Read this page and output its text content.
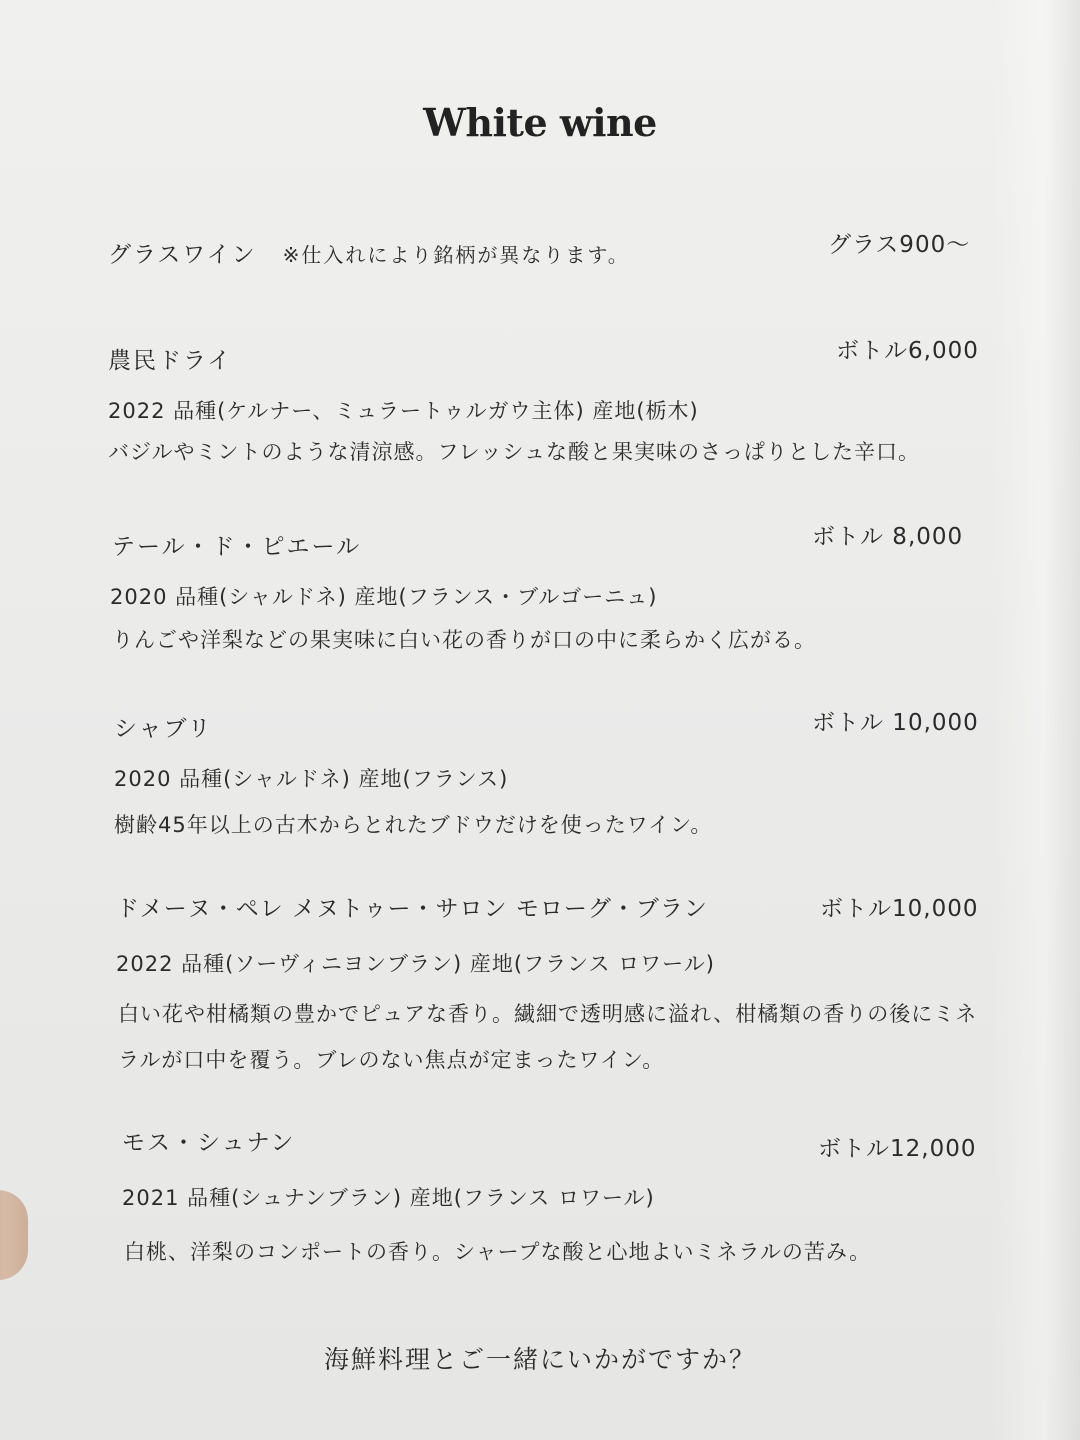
White wine
グラスワイン ※仕入れにより銘柄が異なります。	グラス900～
農民ドライ	ボトル6,000
2022 品種(ケルナー、ミュラートゥルガウ主体) 産地(栃木)
バジルやミントのような清涼感。フレッシュな酸と果実味のさっぱりとした辛口。
テール・ド・ピエール	ボトル 8,000
2020 品種(シャルドネ) 産地(フランス・ブルゴーニュ)
りんごや洋梨などの果実味に白い花の香りが口の中に柔らかく広がる。
シャブリ	ボトル 10,000
2020 品種(シャルドネ) 産地(フランス)
樹齢45年以上の古木からとれたブドウだけを使ったワイン。
ドメーヌ・ペレ メヌトゥー・サロン モローグ・ブラン	ボトル10,000
2022 品種(ソーヴィニヨンブラン) 産地(フランス ロワール)
白い花や柑橘類の豊かでピュアな香り。繊細で透明感に溢れ、柑橘類の香りの後にミネ
ラルが口中を覆う。ブレのない焦点が定まったワイン。
モス・シュナン	ボトル12,000
2021 品種(シュナンブラン) 産地(フランス ロワール)
白桃、洋梨のコンポートの香り。シャープな酸と心地よいミネラルの苦み。
海鮮料理とご一緒にいかがですか？
